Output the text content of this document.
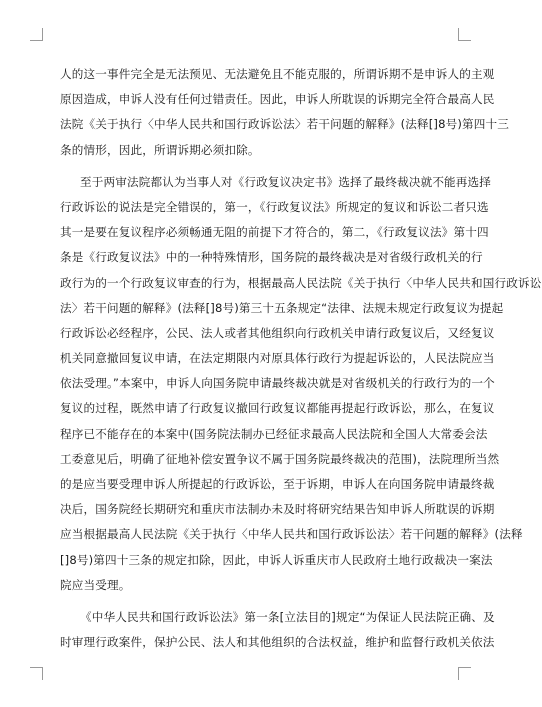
人的这一事件完全是无法预见、无法避免且不能克服的，所谓诉期不是申诉人的主观
原因造成，申诉人没有任何过错责任。因此，申诉人所耽误的诉期完全符合最高人民
法院《关于执行〈中华人民共和国行政诉讼法〉若干问题的解释》(法释[]8号)第四十三
条的情形，因此，所谓诉期必须扣除。
至于两审法院都认为当事人对《行政复议决定书》选择了最终裁决就不能再选择
行政诉讼的说法是完全错误的，第一，《行政复议法》所规定的复议和诉讼二者只选
其一是要在复议程序必须畅通无阻的前提下才符合的，第二，《行政复议法》第十四
条是《行政复议法》中的一种特殊情形，国务院的最终裁决是对省级行政机关的行
政行为的一个行政复议审查的行为，根据最高人民法院《关于执行〈中华人民共和国行政诉讼
法〉若干问题的解释》(法释[]8号)第三十五条规定“法律、法规未规定行政复议为提起
行政诉讼必经程序，公民、法人或者其他组织向行政机关申请行政复议后，又经复议
机关同意撤回复议申请，在法定期限内对原具体行政行为提起诉讼的，人民法院应当
依法受理。”本案中，申诉人向国务院申请最终裁决就是对省级机关的行政行为的一个
复议的过程，既然申请了行政复议撤回行政复议都能再提起行政诉讼，那么，在复议
程序已不能存在的本案中(国务院法制办已经征求最高人民法院和全国人大常委会法
工委意见后，明确了征地补偿安置争议不属于国务院最终裁决的范围)，法院理所当然
的是应当要受理申诉人所提起的行政诉讼，至于诉期，申诉人在向国务院申请最终裁
决后，国务院经长期研究和重庆市法制办未及时将研究结果告知申诉人所耽误的诉期
应当根据最高人民法院《关于执行〈中华人民共和国行政诉讼法〉若干问题的解释》(法释
[]8号)第四十三条的规定扣除，因此，申诉人诉重庆市人民政府土地行政裁决一案法
院应当受理。
《中华人民共和国行政诉讼法》第一条[立法目的]规定“为保证人民法院正确、及
时审理行政案件，保护公民、法人和其他组织的合法权益，维护和监督行政机关依法
